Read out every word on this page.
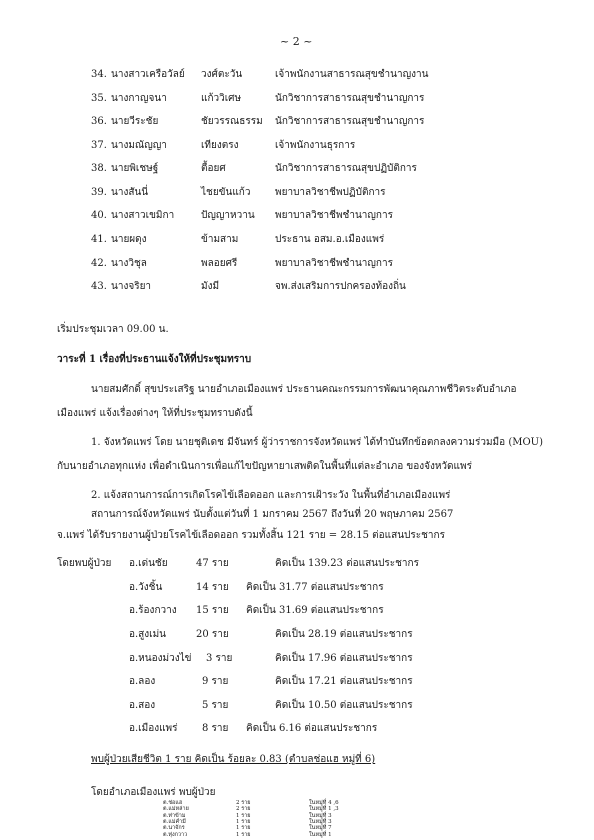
~ 2 ~
34. นางสาวเครือวัลย์ วงศ์ตะวัน	เจ้าพนักงานสาธารณสุขชำนาญงาน
35. นางกาญจนา	แก้ววิเศษ	นักวิชาการสาธารณสุขชำนาญการ
36. นายวีระชัย	ชัยวรรณธรรม นักวิชาการสาธารณสุขชำนาญการ
37. นางมณัญญา	เทียงตรง	เจ้าพนักงานธุรการ
38. นายพิเชษฐ์	ตื้อยศ	นักวิชาการสาธารณสุขปฏิบัติการ
39. นางสันนี่	ไชยขันแก้ว พยาบาลวิชาชีพปฏิบัติการ
40. นางสาวเขมิกา	ปัญญาหวาน พยาบาลวิชาชีพชำนาญการ
41. นายผดุง	ข้ามสาม	ประธาน อสม.อ.เมืองแพร่
42. นางวิชุล	พลอยศรี	พยาบาลวิชาชีพชำนาญการ
43. นางจริยา	มังมี	จพ.ส่งเสริมการปกครองท้องถิ่น
เริ่มประชุมเวลา 09.00 น.
วาระที่ 1 เรื่องที่ประธานแจ้งให้ที่ประชุมทราบ
นายสมศักดิ์ สุขประเสริฐ นายอำเภอเมืองแพร่ ประธานคณะกรรมการพัฒนาคุณภาพชีวิตระดับอำเภอ
เมืองแพร่ แจ้งเรื่องต่างๆ ให้ที่ประชุมทราบดังนี้
1. จังหวัดแพร่ โดย นายชุติเดช มีจันทร์ ผู้ว่าราชการจังหวัดแพร่ ได้ทำบันทึกข้อตกลงความร่วมมือ (MOU)
กับนายอำเภอทุกแห่ง เพื่อดำเนินการเพื่อแก้ไขปัญหายาเสพติดในพื้นที่แต่ละอำเภอ ของจังหวัดแพร่
2. แจ้งสถานการณ์การเกิดโรคไข้เลือดออก และการเฝ้าระวัง ในพื้นที่อำเภอเมืองแพร่
สถานการณ์จังหวัดแพร่ นับตั้งแต่วันที่ 1 มกราคม 2567 ถึงวันที่ 20 พฤษภาคม 2567
จ.แพร่ ได้รับรายงานผู้ป่วยโรคไข้เลือดออก รวมทั้งสิ้น 121 ราย = 28.15 ต่อแสนประชากร
โดยพบผู้ป่วย อ.เด่นชัย	47 ราย	คิดเป็น 139.23 ต่อแสนประชากร
อ.วังชิ้น	14 ราย คิดเป็น 31.77 ต่อแสนประชากร
อ.ร้องกวาง 15 ราย คิดเป็น 31.69 ต่อแสนประชากร
อ.สูงเม่น	20 ราย	คิดเป็น 28.19 ต่อแสนประชากร
อ.หนองม่วงไข่ 3 ราย	คิดเป็น 17.96 ต่อแสนประชากร
อ.ลอง	9 ราย	คิดเป็น 17.21 ต่อแสนประชากร
อ.สอง	5 ราย	คิดเป็น 10.50 ต่อแสนประชากร
อ.เมืองแพร่ 8 ราย คิดเป็น 6.16 ต่อแสนประชากร
พบผู้ป่วยเสียชีวิต 1 ราย คิดเป็น ร้อยละ 0.83 (ตำบลช่อแฮ หมู่ที่ 6)
โดยอำเภอเมืองแพร่ พบผู้ป่วย
ต.ช่อแฮ	2 ราย	ในหมู่ที่ 4 ,6
ต.แม่หล่าย	2 ราย	ในหมู่ที่ 1 ,3
ต.ท่าข้าม	1 ราย	ในหมู่ที่ 3
ต.แม่คำมี	1 ราย	ในหมู่ที่ 3
ต.นาจักร	1 ราย	ในหมู่ที่ 7
ต.ทุ่งกวาว	1 ราย	ในหมู่ที่ 1
